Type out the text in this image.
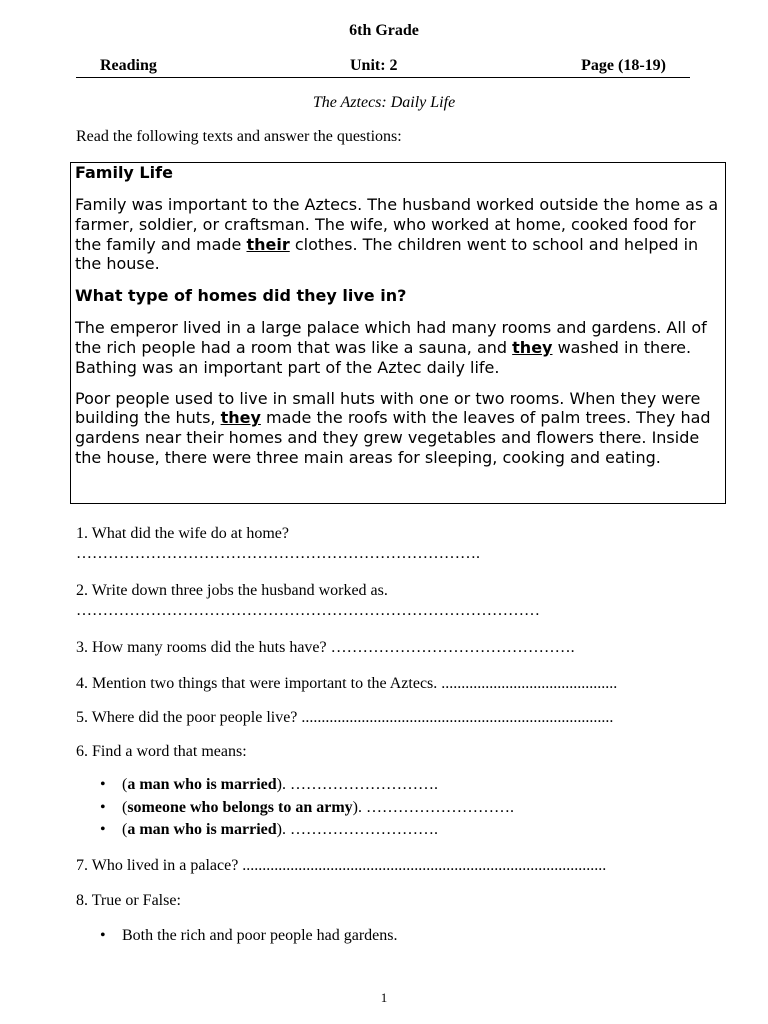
6th Grade
Reading	Unit: 2	Page (18-19)
The Aztecs: Daily Life
Read the following texts and answer the questions:
Family Life

Family was important to the Aztecs. The husband worked outside the home as a farmer, soldier, or craftsman. The wife, who worked at home, cooked food for the family and made their clothes. The children went to school and helped in the house.

What type of homes did they live in?

The emperor lived in a large palace which had many rooms and gardens. All of the rich people had a room that was like a sauna, and they washed in there. Bathing was an important part of the Aztec daily life.

Poor people used to live in small huts with one or two rooms. When they were building the huts, they made the roofs with the leaves of palm trees. They had gardens near their homes and they grew vegetables and flowers there. Inside the house, there were three main areas for sleeping, cooking and eating.

1. What did the wife do at home?
………………………………………………………………….
2. Write down three jobs the husband worked as.
……………………………………………………………………………
3. How many rooms did the huts have? ……………………………………….
4. Mention two things that were important to the Aztecs. ............................................
5. Where did the poor people live? ..............................................................................
6. Find a word that means:
• (a man who is married). ……………………….
• (someone who belongs to an army). ……………………….
• (a man who is married). ……………………….
7. Who lived in a palace? ...........................................................................................
8. True or False:
• Both the rich and poor people had gardens.
1
